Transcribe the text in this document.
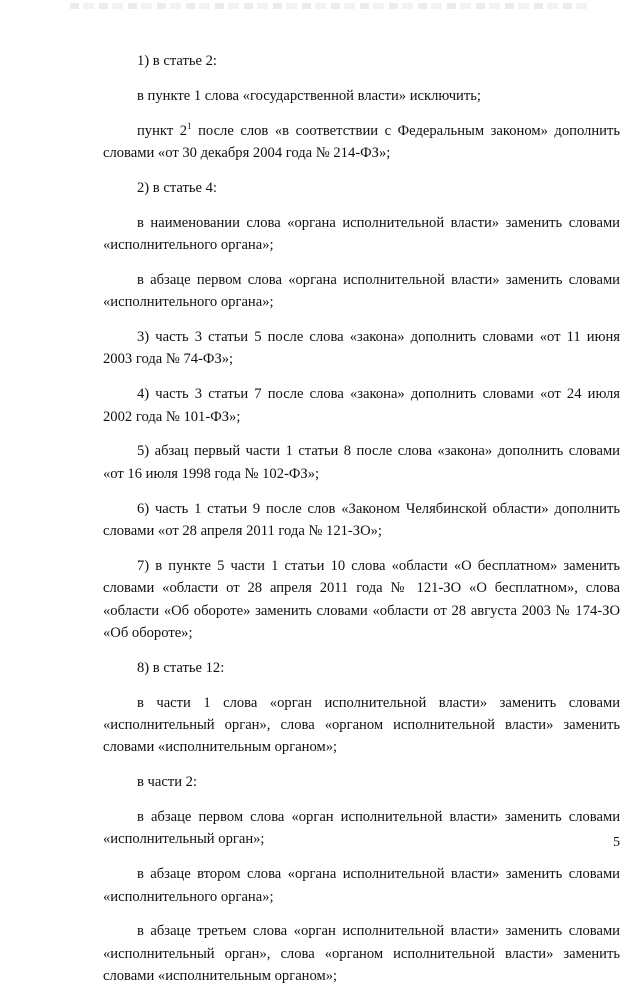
1) в статье 2:

в пункте 1 слова «государственной власти» исключить;

пункт $2^1$ после слов «в соответствии с Федеральным законом» дополнить словами «от 30 декабря 2004 года № 214-ФЗ»;

2) в статье 4:

в наименовании слова «органа исполнительной власти» заменить словами «исполнительного органа»;

в абзаце первом слова «органа исполнительной власти» заменить словами «исполнительного органа»;

3) часть 3 статьи 5 после слова «закона» дополнить словами «от 11 июня 2003 года № 74-ФЗ»;

4) часть 3 статьи 7 после слова «закона» дополнить словами «от 24 июля 2002 года № 101-ФЗ»;

5) абзац первый части 1 статьи 8 после слова «закона» дополнить словами «от 16 июля 1998 года № 102-ФЗ»;

6) часть 1 статьи 9 после слов «Законом Челябинской области» дополнить словами «от 28 апреля 2011 года № 121-ЗО»;

7) в пункте 5 части 1 статьи 10 слова «области «О бесплатном» заменить словами «области от 28 апреля 2011 года № 121-ЗО «О бесплатном», слова «области «Об обороте» заменить словами «области от 28 августа 2003 № 174-ЗО «Об обороте»;

8) в статье 12:

в части 1 слова «орган исполнительной власти» заменить словами «исполнительный орган», слова «органом исполнительной власти» заменить словами «исполнительным органом»;

в части 2:

в абзаце первом слова «орган исполнительной власти» заменить словами «исполнительный орган»;

в абзаце втором слова «органа исполнительной власти» заменить словами «исполнительного органа»;

в абзаце третьем слова «орган исполнительной власти» заменить словами «исполнительный орган», слова «органом исполнительной власти» заменить словами «исполнительным органом»;

5
